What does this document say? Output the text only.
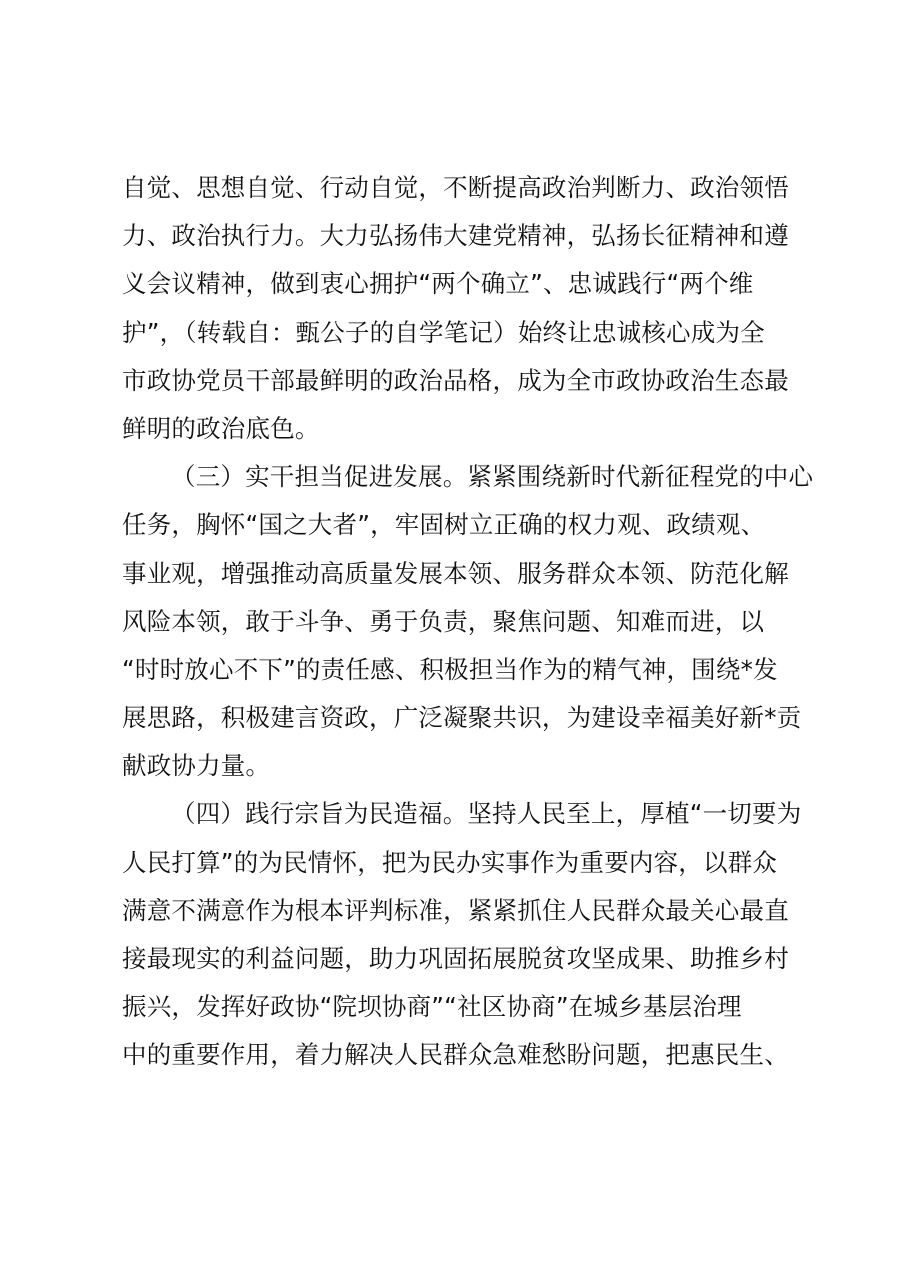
自觉、思想自觉、行动自觉，不断提高政治判断力、政治领悟
力、政治执行力。大力弘扬伟大建党精神，弘扬长征精神和遵
义会议精神，做到衷心拥护“两个确立”、忠诚践行“两个维
护”，（转载自：甄公子的自学笔记）始终让忠诚核心成为全
市政协党员干部最鲜明的政治品格，成为全市政协政治生态最
鲜明的政治底色。
（三）实干担当促进发展。紧紧围绕新时代新征程党的中心
任务，胸怀“国之大者”，牢固树立正确的权力观、政绩观、
事业观，增强推动高质量发展本领、服务群众本领、防范化解
风险本领，敢于斗争、勇于负责，聚焦问题、知难而进，以
“时时放心不下”的责任感、积极担当作为的精气神，围绕*发
展思路，积极建言资政，广泛凝聚共识，为建设幸福美好新*贡
献政协力量。
（四）践行宗旨为民造福。坚持人民至上，厚植“一切要为
人民打算”的为民情怀，把为民办实事作为重要内容，以群众
满意不满意作为根本评判标准，紧紧抓住人民群众最关心最直
接最现实的利益问题，助力巩固拓展脱贫攻坚成果、助推乡村
振兴，发挥好政协“院坝协商”“社区协商”在城乡基层治理
中的重要作用，着力解决人民群众急难愁盼问题，把惠民生、
